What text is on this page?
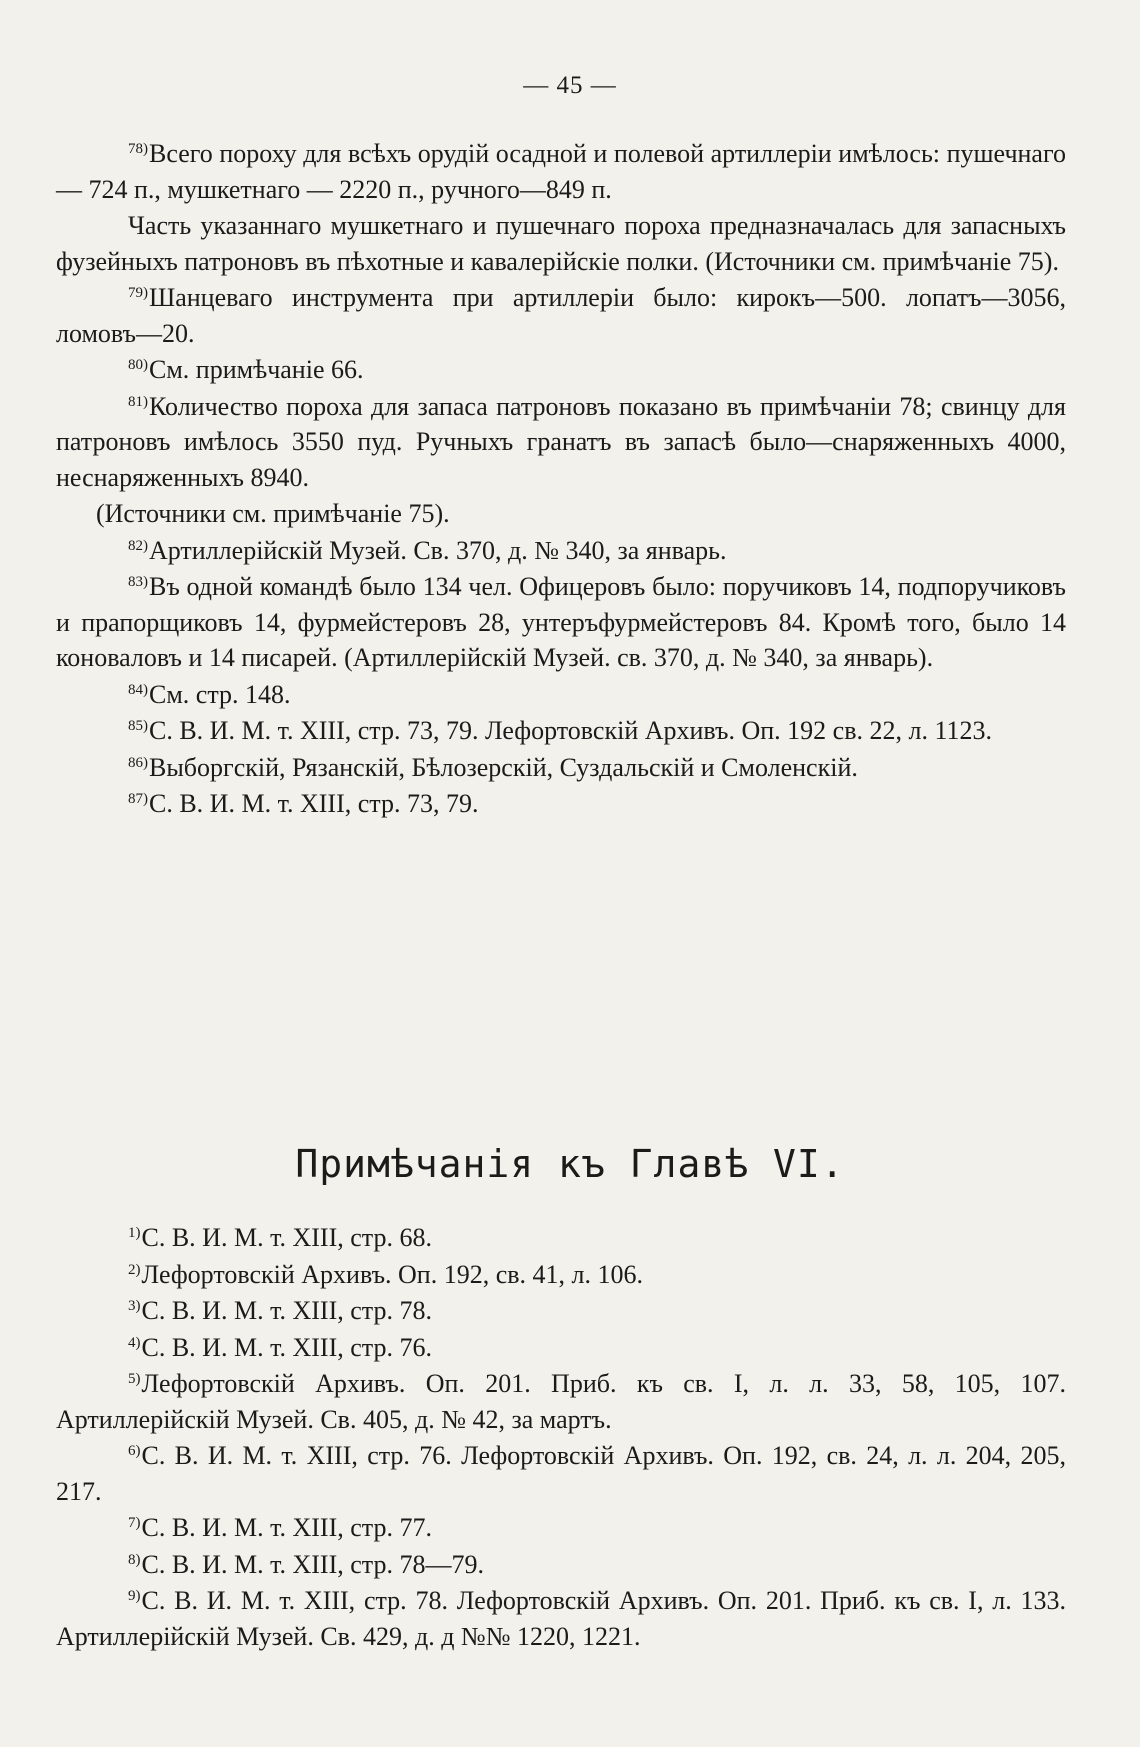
— 45 —

$^{78)}$Всего пороху для всѣхъ орудій осадной и полевой артиллеріи имѣлось: пушечнаго — 724 п., мушкетнаго — 2220 п., ручного—849 п.

Часть указаннаго мушкетнаго и пушечнаго пороха предназначалась для запасныхъ фузейныхъ патроновъ въ пѣхотные и кавалерійскіе полки. (Источники см. примѣчаніе 75).

$^{79)}$Шанцеваго инструмента при артиллеріи было: кирокъ—500. лопатъ—3056, ломовъ—20.

$^{80)}$См. примѣчаніе 66.

$^{81)}$Количество пороха для запаса патроновъ показано въ примѣчаніи 78; свинцу для патроновъ имѣлось 3550 пуд. Ручныхъ гранатъ въ запасѣ было—снаряженныхъ 4000, неснаряженныхъ 8940.

(Источники см. примѣчаніе 75).

$^{82)}$Артиллерійскій Музей. Св. 370, д. № 340, за январь.

$^{83)}$Въ одной командѣ было 134 чел. Офицеровъ было: поручиковъ 14, подпоручиковъ и прапорщиковъ 14, фурмейстеровъ 28, унтеръфурмейстеровъ 84. Кромѣ того, было 14 коноваловъ и 14 писарей. (Артиллерійскій Музей. св. 370, д. № 340, за январь).

$^{84)}$См. стр. 148.

$^{85)}$С. В. И. М. т. XIII, стр. 73, 79. Лефортовскій Архивъ. Оп. 192 св. 22, л. 1123.

$^{86)}$Выборгскій, Рязанскій, Бѣлозерскій, Суздальскій и Смоленскій.

$^{87)}$С. В. И. М. т. XIII, стр. 73, 79.

Примѣчанія къ Главѣ VI.

$^{1)}$С. В. И. М. т. XIII, стр. 68.

$^{2)}$Лефортовскій Архивъ. Оп. 192, св. 41, л. 106.

$^{3)}$С. В. И. М. т. XIII, стр. 78.

$^{4)}$С. В. И. М. т. XIII, стр. 76.

$^{5)}$Лефортовскій Архивъ. Оп. 201. Приб. къ св. I, л. л. 33, 58, 105, 107. Артиллерійскій Музей. Св. 405, д. № 42, за мартъ.

$^{6)}$С. В. И. М. т. XIII, стр. 76. Лефортовскій Архивъ. Оп. 192, св. 24, л. л. 204, 205, 217.

$^{7)}$С. В. И. М. т. XIII, стр. 77.

$^{8)}$С. В. И. М. т. XIII, стр. 78—79.

$^{9)}$С. В. И. М. т. XIII, стр. 78. Лефортовскій Архивъ. Оп. 201. Приб. къ св. I, л. 133. Артиллерійскій Музей. Св. 429, д. д №№ 1220, 1221.
